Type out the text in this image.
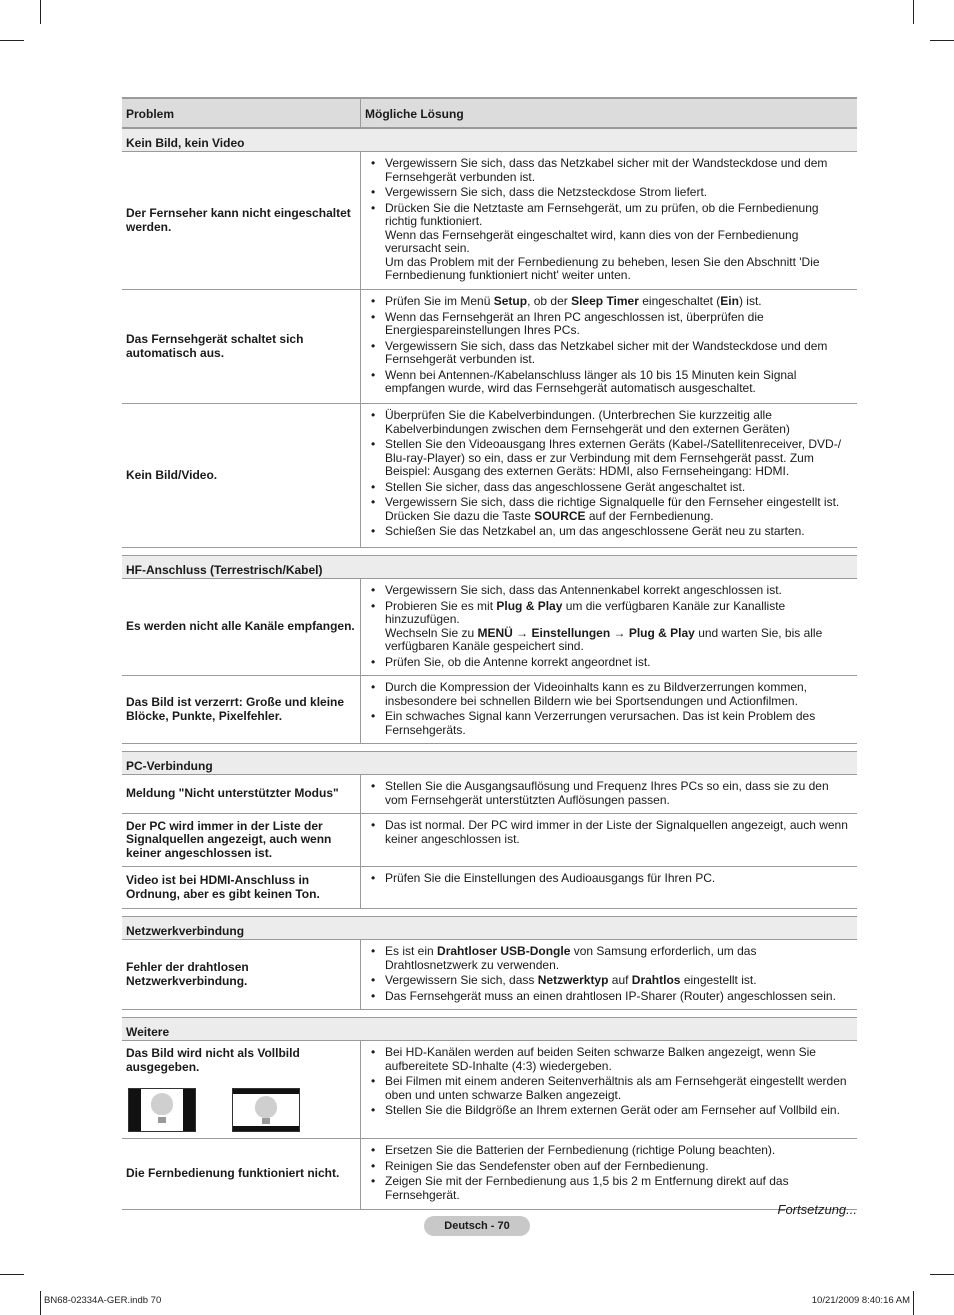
Problem	Mögliche Lösung
Kein Bild, kein Video
Der Fernseher kann nicht eingeschaltet werden.
• Vergewissern Sie sich, dass das Netzkabel sicher mit der Wandsteckdose und dem Fernsehgerät verbunden ist.
• Vergewissern Sie sich, dass die Netzsteckdose Strom liefert.
• Drücken Sie die Netztaste am Fernsehgerät, um zu prüfen, ob die Fernbedienung richtig funktioniert.
Wenn das Fernsehgerät eingeschaltet wird, kann dies von der Fernbedienung verursacht sein.
Um das Problem mit der Fernbedienung zu beheben, lesen Sie den Abschnitt 'Die Fernbedienung funktioniert nicht' weiter unten.
Das Fernsehgerät schaltet sich automatisch aus.
• Prüfen Sie im Menü Setup, ob der Sleep Timer eingeschaltet (Ein) ist.
• Wenn das Fernsehgerät an Ihren PC angeschlossen ist, überprüfen die Energiespareinstellungen Ihres PCs.
• Vergewissern Sie sich, dass das Netzkabel sicher mit der Wandsteckdose und dem Fernsehgerät verbunden ist.
• Wenn bei Antennen-/Kabelanschluss länger als 10 bis 15 Minuten kein Signal empfangen wurde, wird das Fernsehgerät automatisch ausgeschaltet.
Kein Bild/Video.
• Überprüfen Sie die Kabelverbindungen. (Unterbrechen Sie kurzzeitig alle Kabelverbindungen zwischen dem Fernsehgerät und den externen Geräten)
• Stellen Sie den Videoausgang Ihres externen Geräts (Kabel-/Satellitenreceiver, DVD-/ Blu-ray-Player) so ein, dass er zur Verbindung mit dem Fernsehgerät passt. Zum Beispiel: Ausgang des externen Geräts: HDMI, also Fernseheingang: HDMI.
• Stellen Sie sicher, dass das angeschlossene Gerät angeschaltet ist.
• Vergewissern Sie sich, dass die richtige Signalquelle für den Fernseher eingestellt ist. Drücken Sie dazu die Taste SOURCE auf der Fernbedienung.
• Schießen Sie das Netzkabel an, um das angeschlossene Gerät neu zu starten.
HF-Anschluss (Terrestrisch/Kabel)
Es werden nicht alle Kanäle empfangen.
• Vergewissern Sie sich, dass das Antennenkabel korrekt angeschlossen ist.
• Probieren Sie es mit Plug & Play um die verfügbaren Kanäle zur Kanalliste hinzuzufügen.
Wechseln Sie zu MENÜ → Einstellungen → Plug & Play und warten Sie, bis alle verfügbaren Kanäle gespeichert sind.
• Prüfen Sie, ob die Antenne korrekt angeordnet ist.
Das Bild ist verzerrt: Große und kleine Blöcke, Punkte, Pixelfehler.
• Durch die Kompression der Videoinhalts kann es zu Bildverzerrungen kommen, insbesondere bei schnellen Bildern wie bei Sportsendungen und Actionfilmen.
• Ein schwaches Signal kann Verzerrungen verursachen. Das ist kein Problem des Fernsehgeräts.
PC-Verbindung
Meldung "Nicht unterstützter Modus"
• Stellen Sie die Ausgangsauflösung und Frequenz Ihres PCs so ein, dass sie zu den vom Fernsehgerät unterstützten Auflösungen passen.
Der PC wird immer in der Liste der Signalquellen angezeigt, auch wenn keiner angeschlossen ist.
• Das ist normal. Der PC wird immer in der Liste der Signalquellen angezeigt, auch wenn keiner angeschlossen ist.
Video ist bei HDMI-Anschluss in Ordnung, aber es gibt keinen Ton.
• Prüfen Sie die Einstellungen des Audioausgangs für Ihren PC.
Netzwerkverbindung
Fehler der drahtlosen Netzwerkverbindung.
• Es ist ein Drahtloser USB-Dongle von Samsung erforderlich, um das Drahtlosnetzwerk zu verwenden.
• Vergewissern Sie sich, dass Netzwerktyp auf Drahtlos eingestellt ist.
• Das Fernsehgerät muss an einen drahtlosen IP-Sharer (Router) angeschlossen sein.
Weitere
Das Bild wird nicht als Vollbild ausgegeben.
• Bei HD-Kanälen werden auf beiden Seiten schwarze Balken angezeigt, wenn Sie aufbereitete SD-Inhalte (4:3) wiedergeben.
• Bei Filmen mit einem anderen Seitenverhältnis als am Fernsehgerät eingestellt werden oben und unten schwarze Balken angezeigt.
• Stellen Sie die Bildgröße an Ihrem externen Gerät oder am Fernseher auf Vollbild ein.
Die Fernbedienung funktioniert nicht.
• Ersetzen Sie die Batterien der Fernbedienung (richtige Polung beachten).
• Reinigen Sie das Sendefenster oben auf der Fernbedienung.
• Zeigen Sie mit der Fernbedienung aus 1,5 bis 2 m Entfernung direkt auf das Fernsehgerät.
Fortsetzung...
Deutsch - 70
BN68-02334A-GER.indb 70	10/21/2009 8:40:16 AM
